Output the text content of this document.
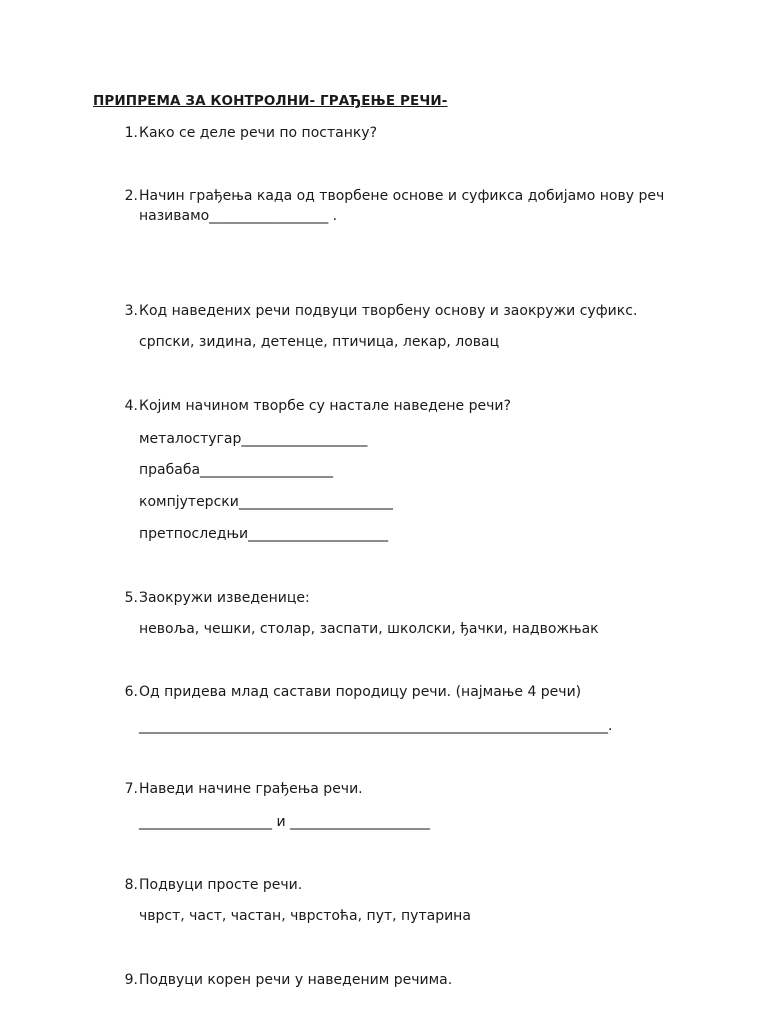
ПРИПРЕМА ЗА КОНТРОЛНИ- ГРАЂЕЊЕ РЕЧИ-
1. Како се деле речи по постанку?
2. Начин грађења када од творбене основе и суфикса добијамо нову реч називамо_________________ .
3. Код наведених речи подвуци творбену основу и заокружи суфикс.
српски, зидина, детенце, птичица, лекар, ловац
4. Којим начином творбе су настале наведене речи?
металостугар__________________
прабаба___________________
компјутерски______________________
претпоследњи____________________
5. Заокружи изведенице:
невоља, чешки, столар, заспати, школски, ђачки, надвожњак
6. Од придева млад састави породицу речи. (најмање 4 речи)
___________________________________________________________________.
7. Наведи начине грађења речи.
___________________ и ____________________
8. Подвуци просте речи.
чврст, част, частан, чврстоћа, пут, путарина
9. Подвуци корен речи у наведеним речима.
